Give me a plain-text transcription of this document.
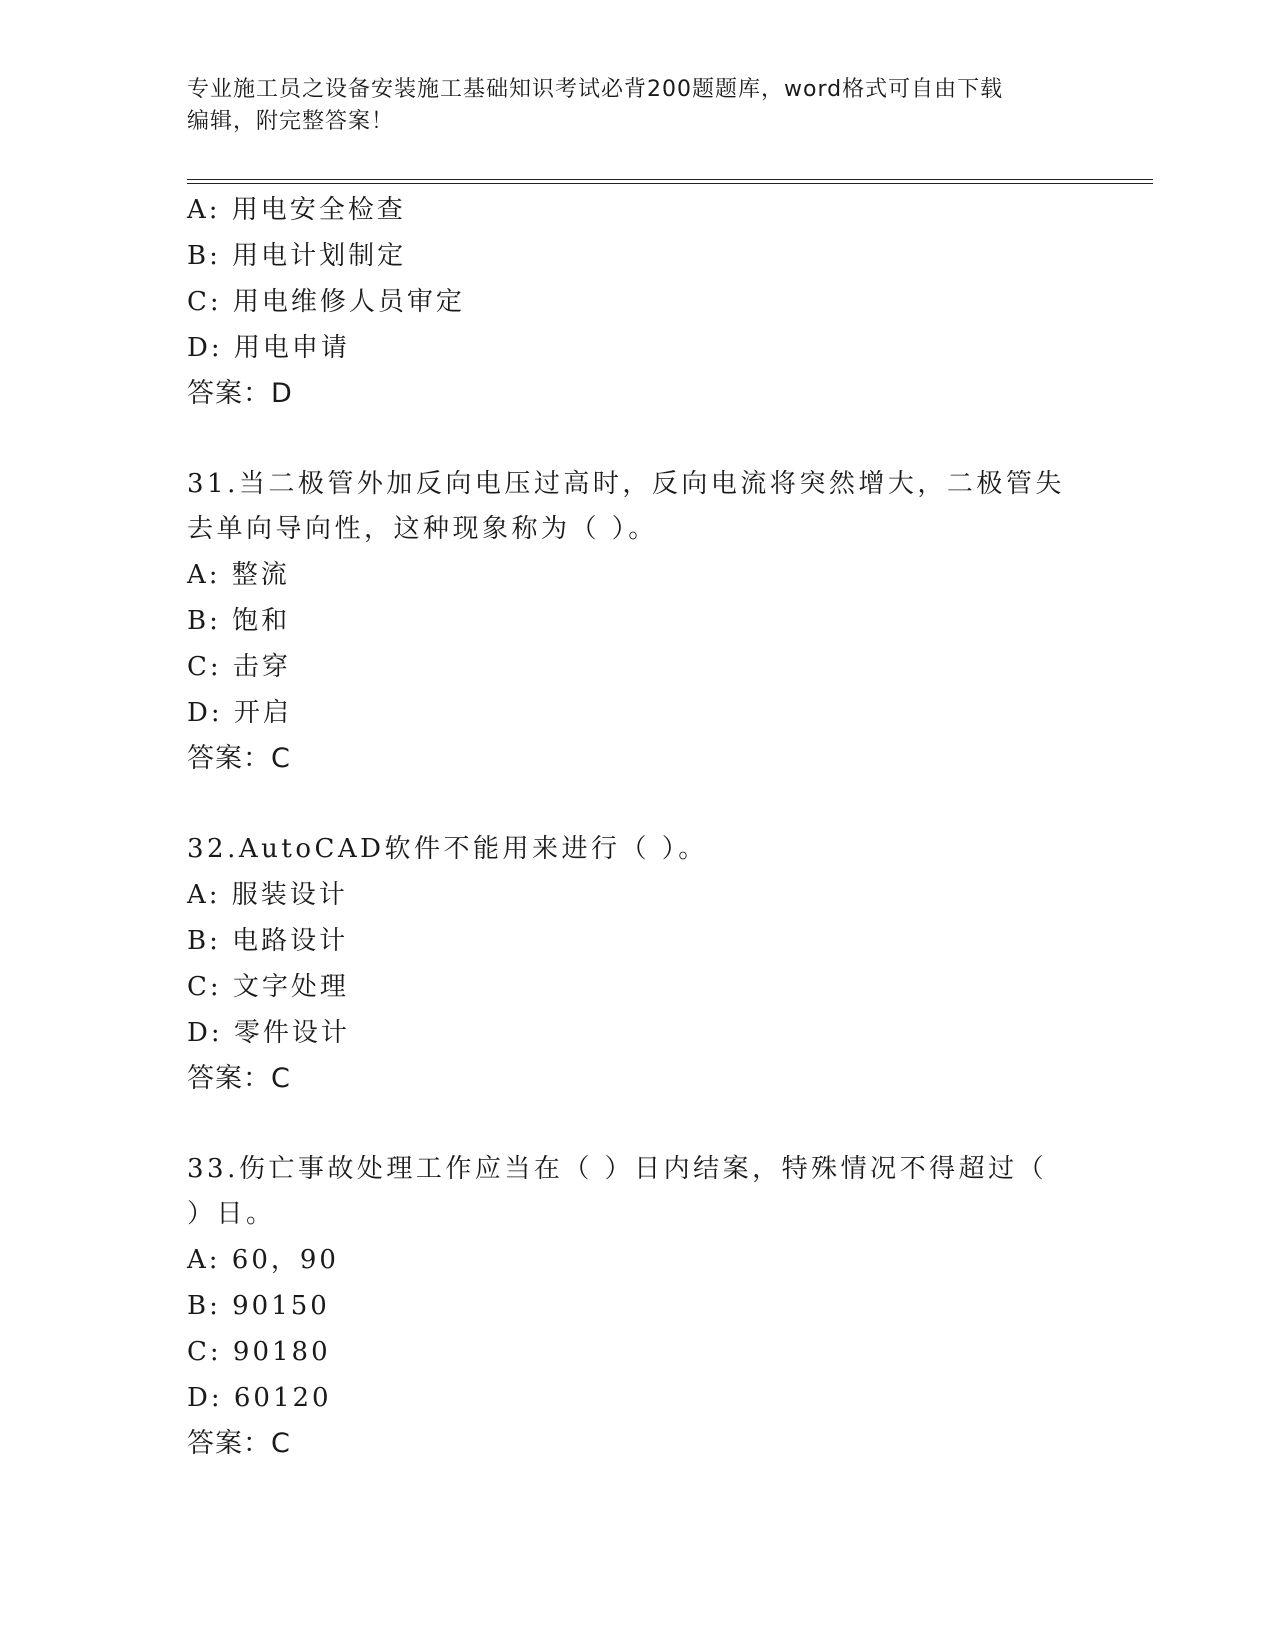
专业施工员之设备安装施工基础知识考试必背200题题库，word格式可自由下载
编辑，附完整答案！
A: 用电安全检查
B: 用电计划制定
C: 用电维修人员审定
D: 用电申请
答案：D
31.当二极管外加反向电压过高时，反向电流将突然增大，二极管失去单向导向性，这种现象称为（ ）。
A: 整流
B: 饱和
C: 击穿
D: 开启
答案：C
32.AutoCAD软件不能用来进行（ ）。
A: 服装设计
B: 电路设计
C: 文字处理
D: 零件设计
答案：C
33.伤亡事故处理工作应当在（ ）日内结案，特殊情况不得超过（ ）日。
A: 60，90
B: 90150
C: 90180
D: 60120
答案：C
